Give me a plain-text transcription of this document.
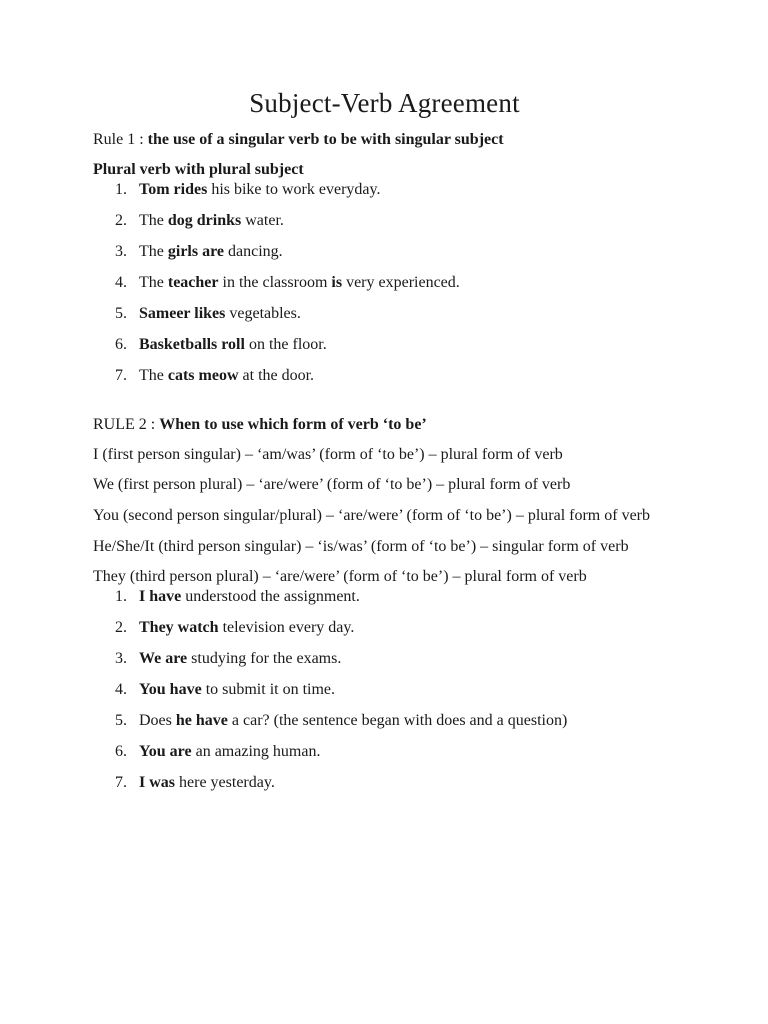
Subject-Verb Agreement

Rule 1 : the use of a singular verb to be with singular subject

Plural verb with plural subject

1. Tom rides his bike to work everyday.
2. The dog drinks water.
3. The girls are dancing.
4. The teacher in the classroom is very experienced.
5. Sameer likes vegetables.
6. Basketballs roll on the floor.
7. The cats meow at the door.

RULE 2 : When to use which form of verb ‘to be’

I (first person singular) – ‘am/was’ (form of ‘to be’) – plural form of verb

We (first person plural) – ‘are/were’ (form of ‘to be’) – plural form of verb

You (second person singular/plural) – ‘are/were’ (form of ‘to be’) – plural form of verb

He/She/It (third person singular) – ‘is/was’ (form of ‘to be’) – singular form of verb

They (third person plural) – ‘are/were’ (form of ‘to be’) – plural form of verb

1. I have understood the assignment.
2. They watch television every day.
3. We are studying for the exams.
4. You have to submit it on time.
5. Does he have a car? (the sentence began with does and a question)
6. You are an amazing human.
7. I was here yesterday.
